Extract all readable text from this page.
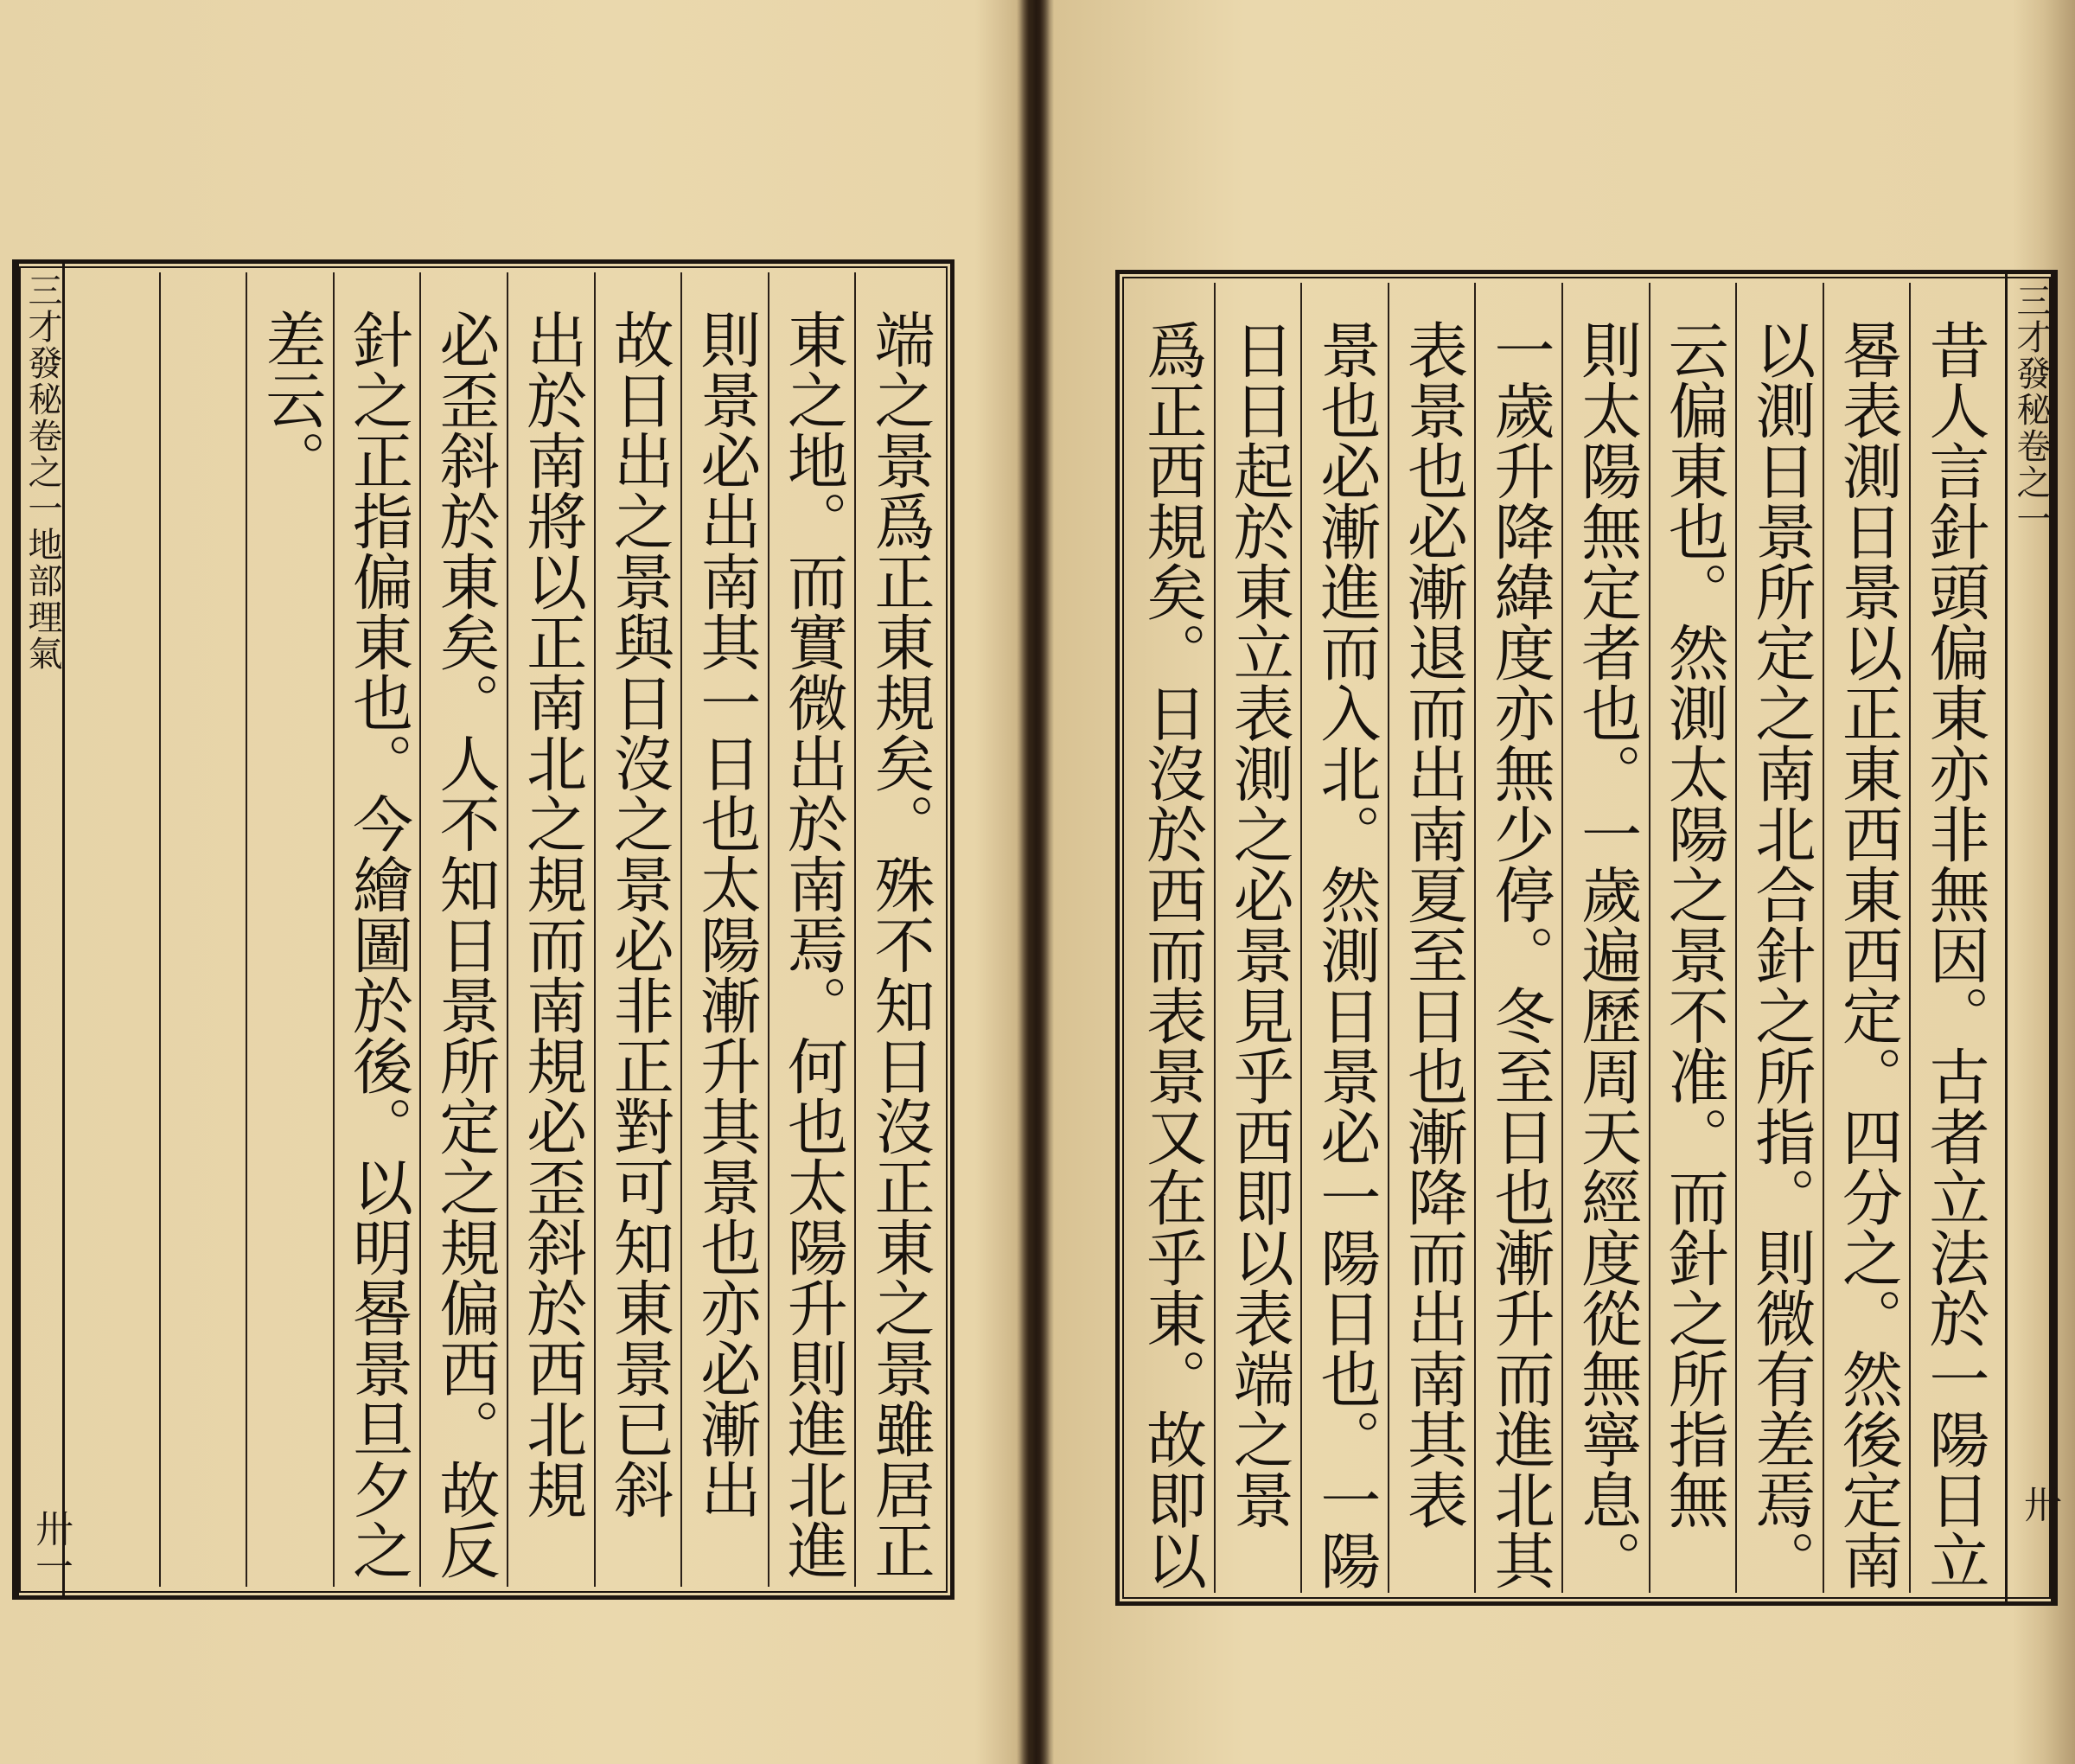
端之景爲正東規矣。殊不知日沒正東之景雖居正
東之地。而實微出於南焉。何也太陽升則進北進
則景必出南其一日也太陽漸升其景也亦必漸出
故日出之景與日沒之景必非正對可知東景已斜
出於南將以正南北之規而南規必歪斜於西北規
必歪斜於東矣。人不知日景所定之規偏西。故反
針之正指偏東也。今繪圖於後。以明晷景旦夕之
差云。
三才發秘卷之一地部理氣
卅一	昔人言針頭偏東亦非無因。古者立法於一陽日立
晷表測日景以正東西東西定。四分之。然後定南
以測日景所定之南北合針之所指。則微有差焉。
云偏東也。然測太陽之景不准。而針之所指無
則太陽無定者也。一歲遍歷周天經度從無寧息。
一歲升降緯度亦無少停。冬至日也漸升而進北其
表景也必漸退而出南夏至日也漸降而出南其表
景也必漸進而入北。然測日景必一陽日也。一陽
日日起於東立表測之必景見乎西即以表端之景
爲正西規矣。日沒於西而表景又在乎東。故即以
三才發秘卷之一
卅
